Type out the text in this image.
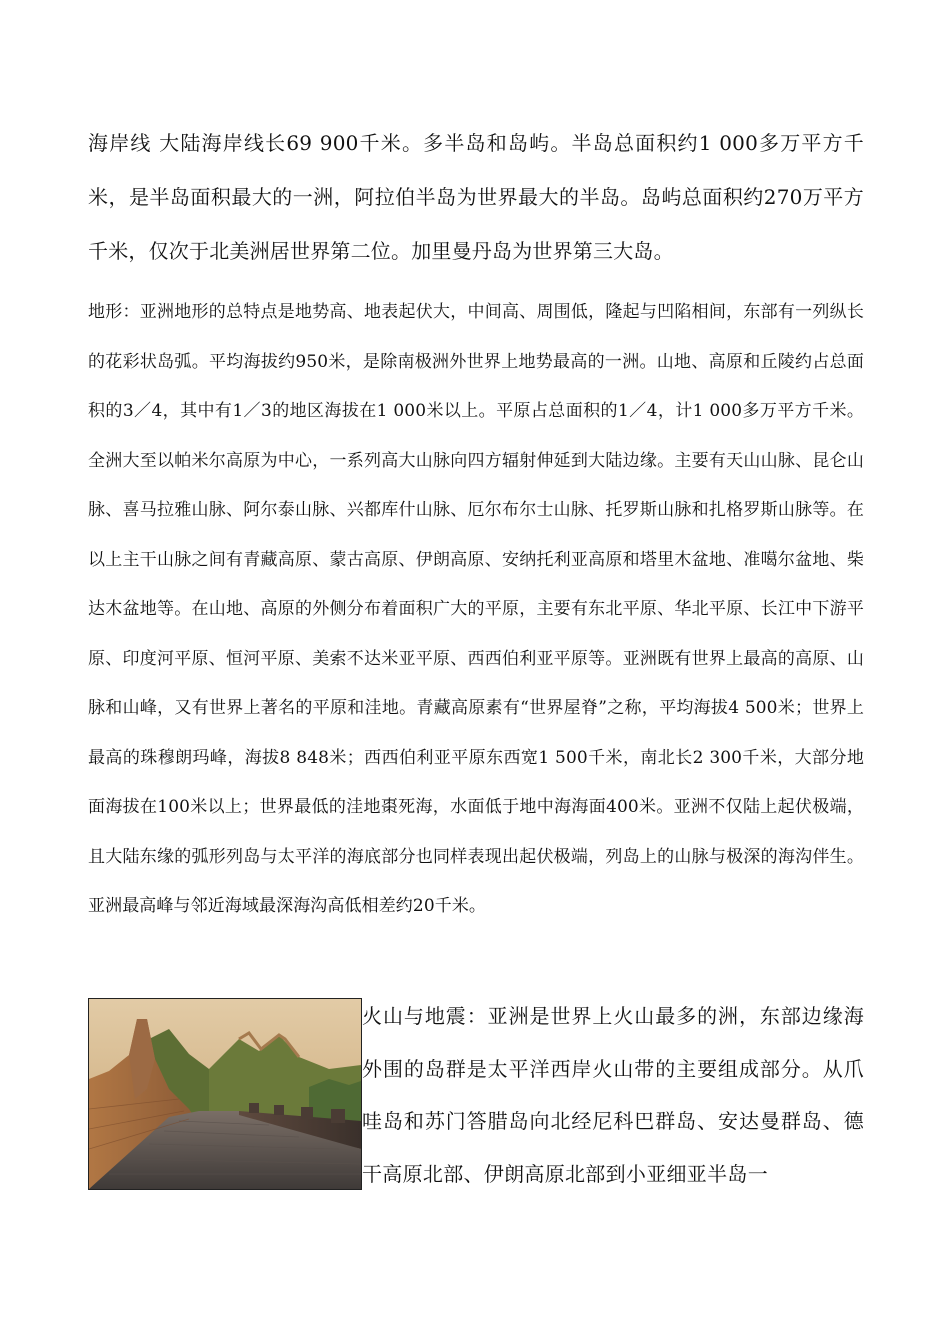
海岸线 大陆海岸线长69 900千米。多半岛和岛屿。半岛总面积约1 000多万平方千米，是半岛面积最大的一洲，阿拉伯半岛为世界最大的半岛。岛屿总面积约270万平方千米，仅次于北美洲居世界第二位。加里曼丹岛为世界第三大岛。

地形：亚洲地形的总特点是地势高、地表起伏大，中间高、周围低，隆起与凹陷相间，东部有一列纵长的花彩状岛弧。平均海拔约950米，是除南极洲外世界上地势最高的一洲。山地、高原和丘陵约占总面积的3／4，其中有1／3的地区海拔在1 000米以上。平原占总面积的1／4，计1 000多万平方千米。全洲大至以帕米尔高原为中心，一系列高大山脉向四方辐射伸延到大陆边缘。主要有天山山脉、昆仑山脉、喜马拉雅山脉、阿尔泰山脉、兴都库什山脉、厄尔布尔士山脉、托罗斯山脉和扎格罗斯山脉等。在以上主干山脉之间有青藏高原、蒙古高原、伊朗高原、安纳托利亚高原和塔里木盆地、准噶尔盆地、柴达木盆地等。在山地、高原的外侧分布着面积广大的平原，主要有东北平原、华北平原、长江中下游平原、印度河平原、恒河平原、美索不达米亚平原、西西伯利亚平原等。亚洲既有世界上最高的高原、山脉和山峰，又有世界上著名的平原和洼地。青藏高原素有“世界屋脊”之称，平均海拔4 500米；世界上最高的珠穆朗玛峰，海拔8 848米；西西伯利亚平原东西宽1 500千米，南北长2 300千米，大部分地面海拔在100米以上；世界最低的洼地棗死海，水面低于地中海海面400米。亚洲不仅陆上起伏极端，且大陆东缘的弧形列岛与太平洋的海底部分也同样表现出起伏极端，列岛上的山脉与极深的海沟伴生。亚洲最高峰与邻近海域最深海沟高低相差约20千米。

火山与地震：亚洲是世界上火山最多的洲，东部边缘海外围的岛群是太平洋西岸火山带的主要组成部分。从爪哇岛和苏门答腊岛向北经尼科巴群岛、安达曼群岛、德干高原北部、伊朗高原北部到小亚细亚半岛一
